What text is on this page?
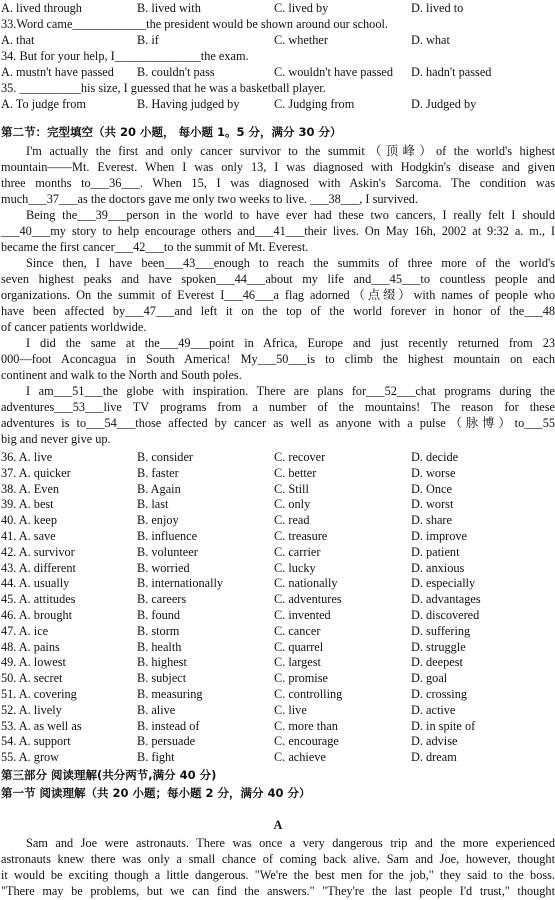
A. lived through	B. lived with	C. lived by	D. lived to
33.Word came____________the president would be shown around our school.
A. that	B. if	C. whether	D. what
34. But for your help, I______________the exam.
A. mustn't have passed B. couldn't pass	C. wouldn't have passed D. hadn't passed
35. __________his size, I guessed that he was a basketball player.
A. To judge from	B. Having judged by	C. Judging from	D. Judged by
第二节：完型填空（共 20 小题， 每小题 1。5 分，满分 30 分）
I'm actually the first and only cancer survivor to the summit（顶峰）of the world's highest
mountain——Mt. Everest. When I was only 13, I was diagnosed with Hodgkin's disease and given
three months to___36___. When 15, I was diagnosed with Askin's Sarcoma. The condition was
much___37___as the doctors gave me only two weeks to live. ___38___, I survived.
Being the___39___person in the world to have ever had these two cancers, I really felt I should
___40___my story to help encourage others and___41___their lives. On May 16h, 2002 at 9:32 a. m., I
became the first cancer___42___to the summit of Mt. Everest.
Since then, I have been___43___enough to reach the summits of three more of the world's
seven highest peaks and have spoken___44___about my life and___45___to countless people and
organizations. On the summit of Everest I___46___a flag adorned（点缀）with names of people who
have been affected by___47___and left it on the top of the world forever in honor of the___48
of cancer patients worldwide.
I did the same at the___49___point in Africa, Europe and just recently returned from 23
000—foot Aconcagua in South America! My___50___is to climb the highest mountain on each
continent and walk to the North and South poles.
I am___51___the globe with inspiration. There are plans for___52___chat programs during the
adventures___53___live TV programs from a number of the mountains! The reason for these
adventures is to___54___those affected by cancer as well as anyone with a pulse（脉博）to___55
big and never give up.
36. A. live	B. consider	C. recover	D. decide
37. A. quicker	B. faster	C. better	D. worse
38. A. Even	B. Again	C. Still	D. Once
39. A. best	B. last	C. only	D. worst
40. A. keep	B. enjoy	C. read	D. share
41. A. save	B. influence	C. treasure	D. improve
42. A. survivor	B. volunteer	C. carrier	D. patient
43. A. different	B. worried	C. lucky	D. anxious
44. A. usually	B. internationally	C. nationally	D. especially
45. A. attitudes	B. careers	C. adventures	D. advantages
46. A. brought	B. found	C. invented	D. discovered
47. A. ice	B. storm	C. cancer	D. suffering
48. A. pains	B. health	C. quarrel	D. struggle
49. A. lowest	B. highest	C. largest	D. deepest
50. A. secret	B. subject	C. promise	D. goal
51. A. covering	B. measuring	C. controlling	D. crossing
52. A. lively	B. alive	C. live	D. active
53. A. as well as	B. instead of	C. more than	D. in spite of
54. A. support	B. persuade	C. encourage	D. advise
55. A. grow	B. fight	C. achieve	D. dream
第三部分 阅读理解(共分两节,满分 40 分)
第一节 阅读理解（共 20 小题；每小题 2 分，满分 40 分）
A
Sam and Joe were astronauts. There was once a very dangerous trip and the more experienced
astronauts knew there was only a small chance of coming back alive. Sam and Joe, however, thought
it would be exciting though a little dangerous. "We're the best men for the job," they said to the boss.
"There may be problems, but we can find the answers." "They're the last people I'd trust," thought
